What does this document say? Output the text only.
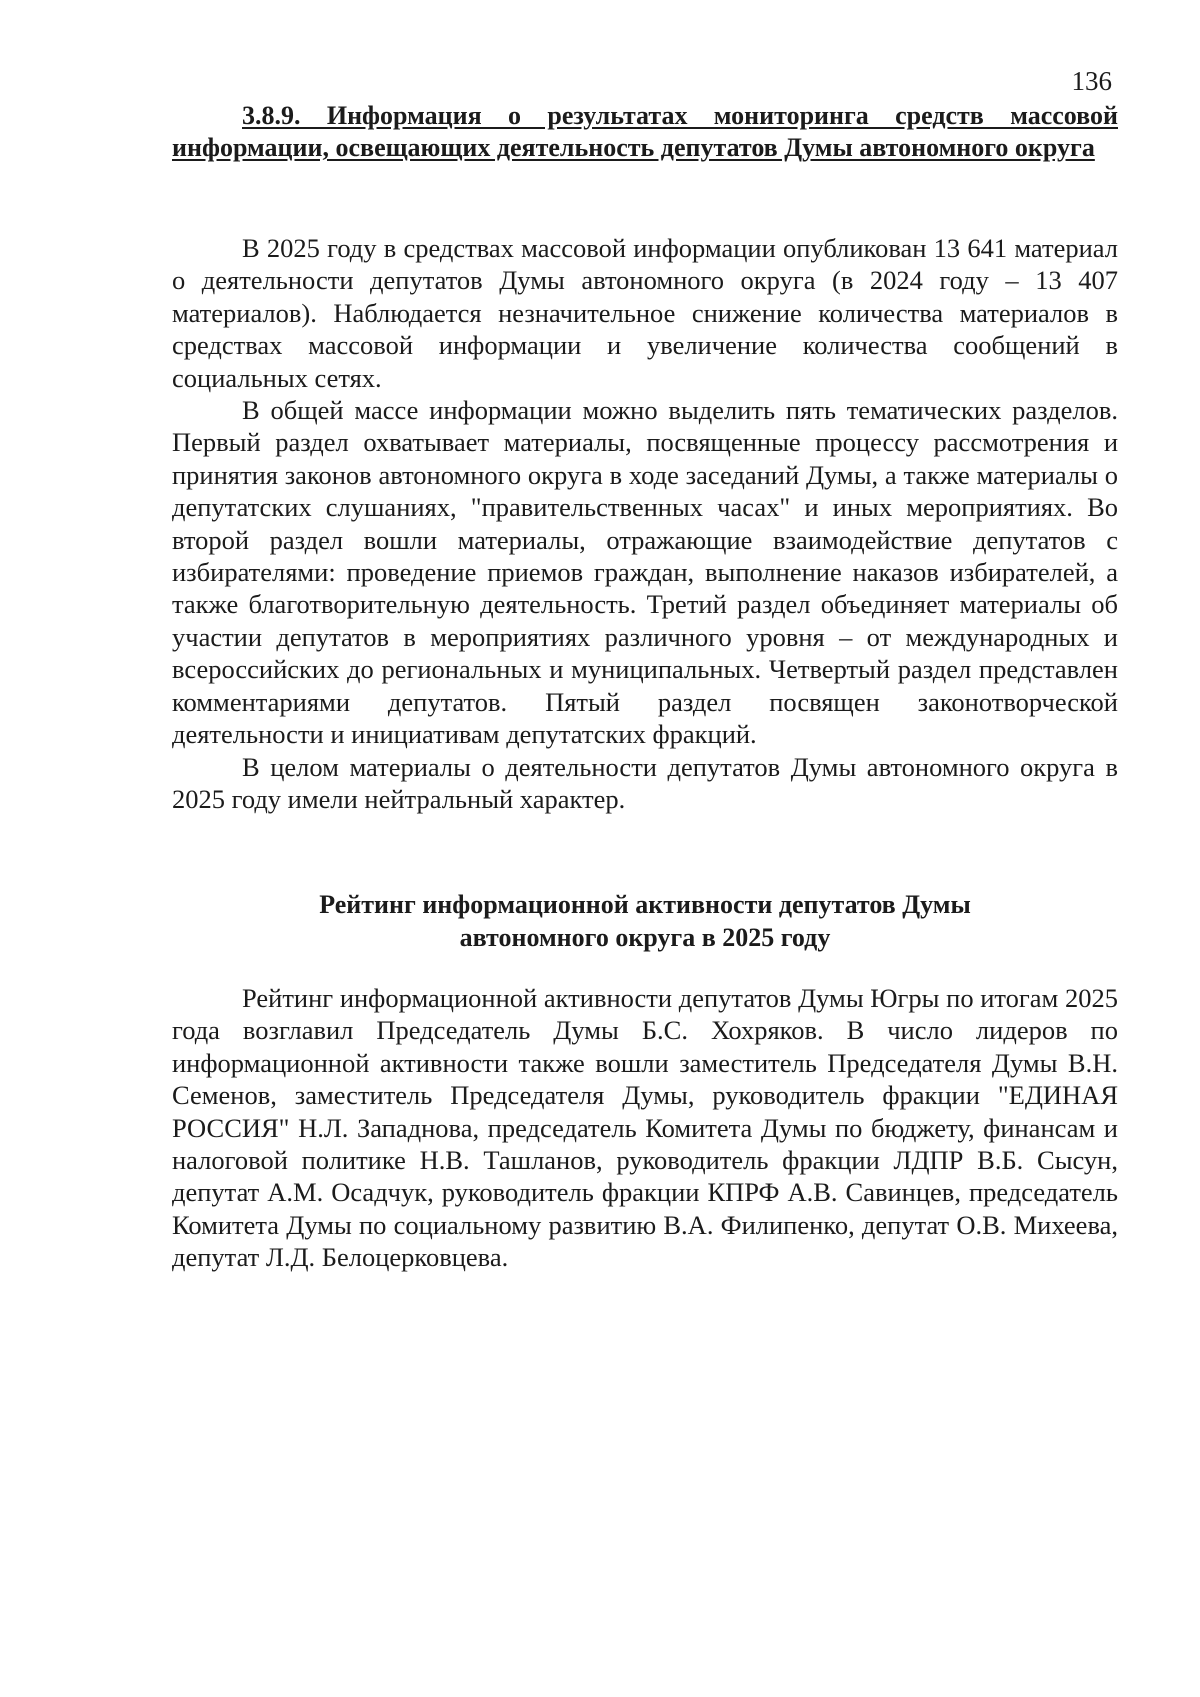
136

3.8.9. Информация о результатах мониторинга средств массовой информации, освещающих деятельность депутатов Думы автономного округа

В 2025 году в средствах массовой информации опубликован 13 641 материал о деятельности депутатов Думы автономного округа (в 2024 году – 13 407 материалов). Наблюдается незначительное снижение количества материалов в средствах массовой информации и увеличение количества сообщений в социальных сетях.

В общей массе информации можно выделить пять тематических разделов. Первый раздел охватывает материалы, посвященные процессу рассмотрения и принятия законов автономного округа в ходе заседаний Думы, а также материалы о депутатских слушаниях, "правительственных часах" и иных мероприятиях. Во второй раздел вошли материалы, отражающие взаимодействие депутатов с избирателями: проведение приемов граждан, выполнение наказов избирателей, а также благотворительную деятельность. Третий раздел объединяет материалы об участии депутатов в мероприятиях различного уровня – от международных и всероссийских до региональных и муниципальных. Четвертый раздел представлен комментариями депутатов. Пятый раздел посвящен законотворческой деятельности и инициативам депутатских фракций.

В целом материалы о деятельности депутатов Думы автономного округа в 2025 году имели нейтральный характер.

Рейтинг информационной активности депутатов Думы
автономного округа в 2025 году

Рейтинг информационной активности депутатов Думы Югры по итогам 2025 года возглавил Председатель Думы Б.С. Хохряков. В число лидеров по информационной активности также вошли заместитель Председателя Думы В.Н. Семенов, заместитель Председателя Думы, руководитель фракции "ЕДИНАЯ РОССИЯ" Н.Л. Западнова, председатель Комитета Думы по бюджету, финансам и налоговой политике Н.В. Ташланов, руководитель фракции ЛДПР В.Б. Сысун, депутат А.М. Осадчук, руководитель фракции КПРФ А.В. Савинцев, председатель Комитета Думы по социальному развитию В.А. Филипенко, депутат О.В. Михеева, депутат Л.Д. Белоцерковцева.
